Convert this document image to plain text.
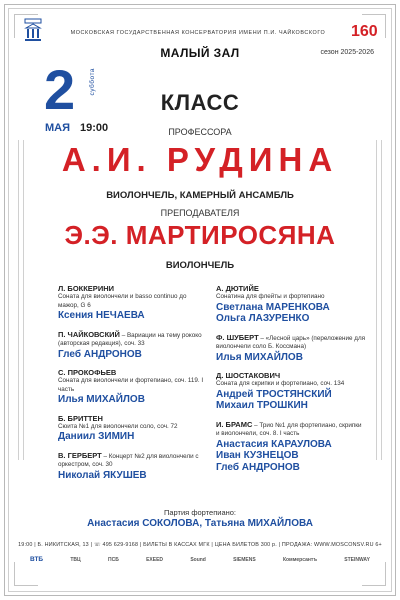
МОСКОВСКАЯ ГОСУДАРСТВЕННАЯ КОНСЕРВАТОРИЯ ИМЕНИ П.И. ЧАЙКОВСКОГО	160
МАЛЫЙ ЗАЛ	сезон 2025-2026
2 суббота
МАЯ 19:00
КЛАСС
ПРОФЕССОРА
А.И. РУДИНА
ВИОЛОНЧЕЛЬ, КАМЕРНЫЙ АНСАМБЛЬ
ПРЕПОДАВАТЕЛЯ
Э.Э. МАРТИРОСЯНА
ВИОЛОНЧЕЛЬ
Л. БОККЕРИНИ
Соната для виолончели и basso continuo до мажор, G 6
Ксения НЕЧАЕВА
П. ЧАЙКОВСКИЙ – Вариации на тему рококо (авторская редакция), соч. 33
Глеб АНДРОНОВ
С. ПРОКОФЬЕВ
Соната для виолончели и фортепиано, соч. 119. I часть
Илья МИХАЙЛОВ
Б. БРИТТЕН
Сюита №1 для виолончели соло, соч. 72
Даниил ЗИМИН
В. ГЕРБЕРТ – Концерт №2 для виолончели с оркестром, соч. 30
Николай ЯКУШЕВ
А. ДЮТИЙЕ
Сонатина для флейты и фортепиано
Светлана МАРЕНКОВА
Ольга ЛАЗУРЕНКО
Ф. ШУБЕРТ – «Лесной царь» (переложение для виолончели соло Б. Коссмана)
Илья МИХАЙЛОВ
Д. ШОСТАКОВИЧ
Соната для скрипки и фортепиано, соч. 134
Андрей ТРОСТЯНСКИЙ
Михаил ТРОШКИН
И. БРАМС – Трио №1 для фортепиано, скрипки и виолончели, соч. 8. I часть
Анастасия КАРАУЛОВА
Иван КУЗНЕЦОВ
Глеб АНДРОНОВ
Партия фортепиано:
Анастасия СОКОЛОВА, Татьяна МИХАЙЛОВА
19:00 | Б. НИКИТСКАЯ, 13 | ☏ 495 629-9168 | БИЛЕТЫ В КАССАХ МГК | ЦЕНА БИЛЕТОВ 300 р. | ПРОДАЖА: WWW.MOSCONSV.RU 6+
ВТБ	ТВЦ	ПСБ	EXEED	Sound	SIEMENS	Коммерсантъ	STEINWAY
